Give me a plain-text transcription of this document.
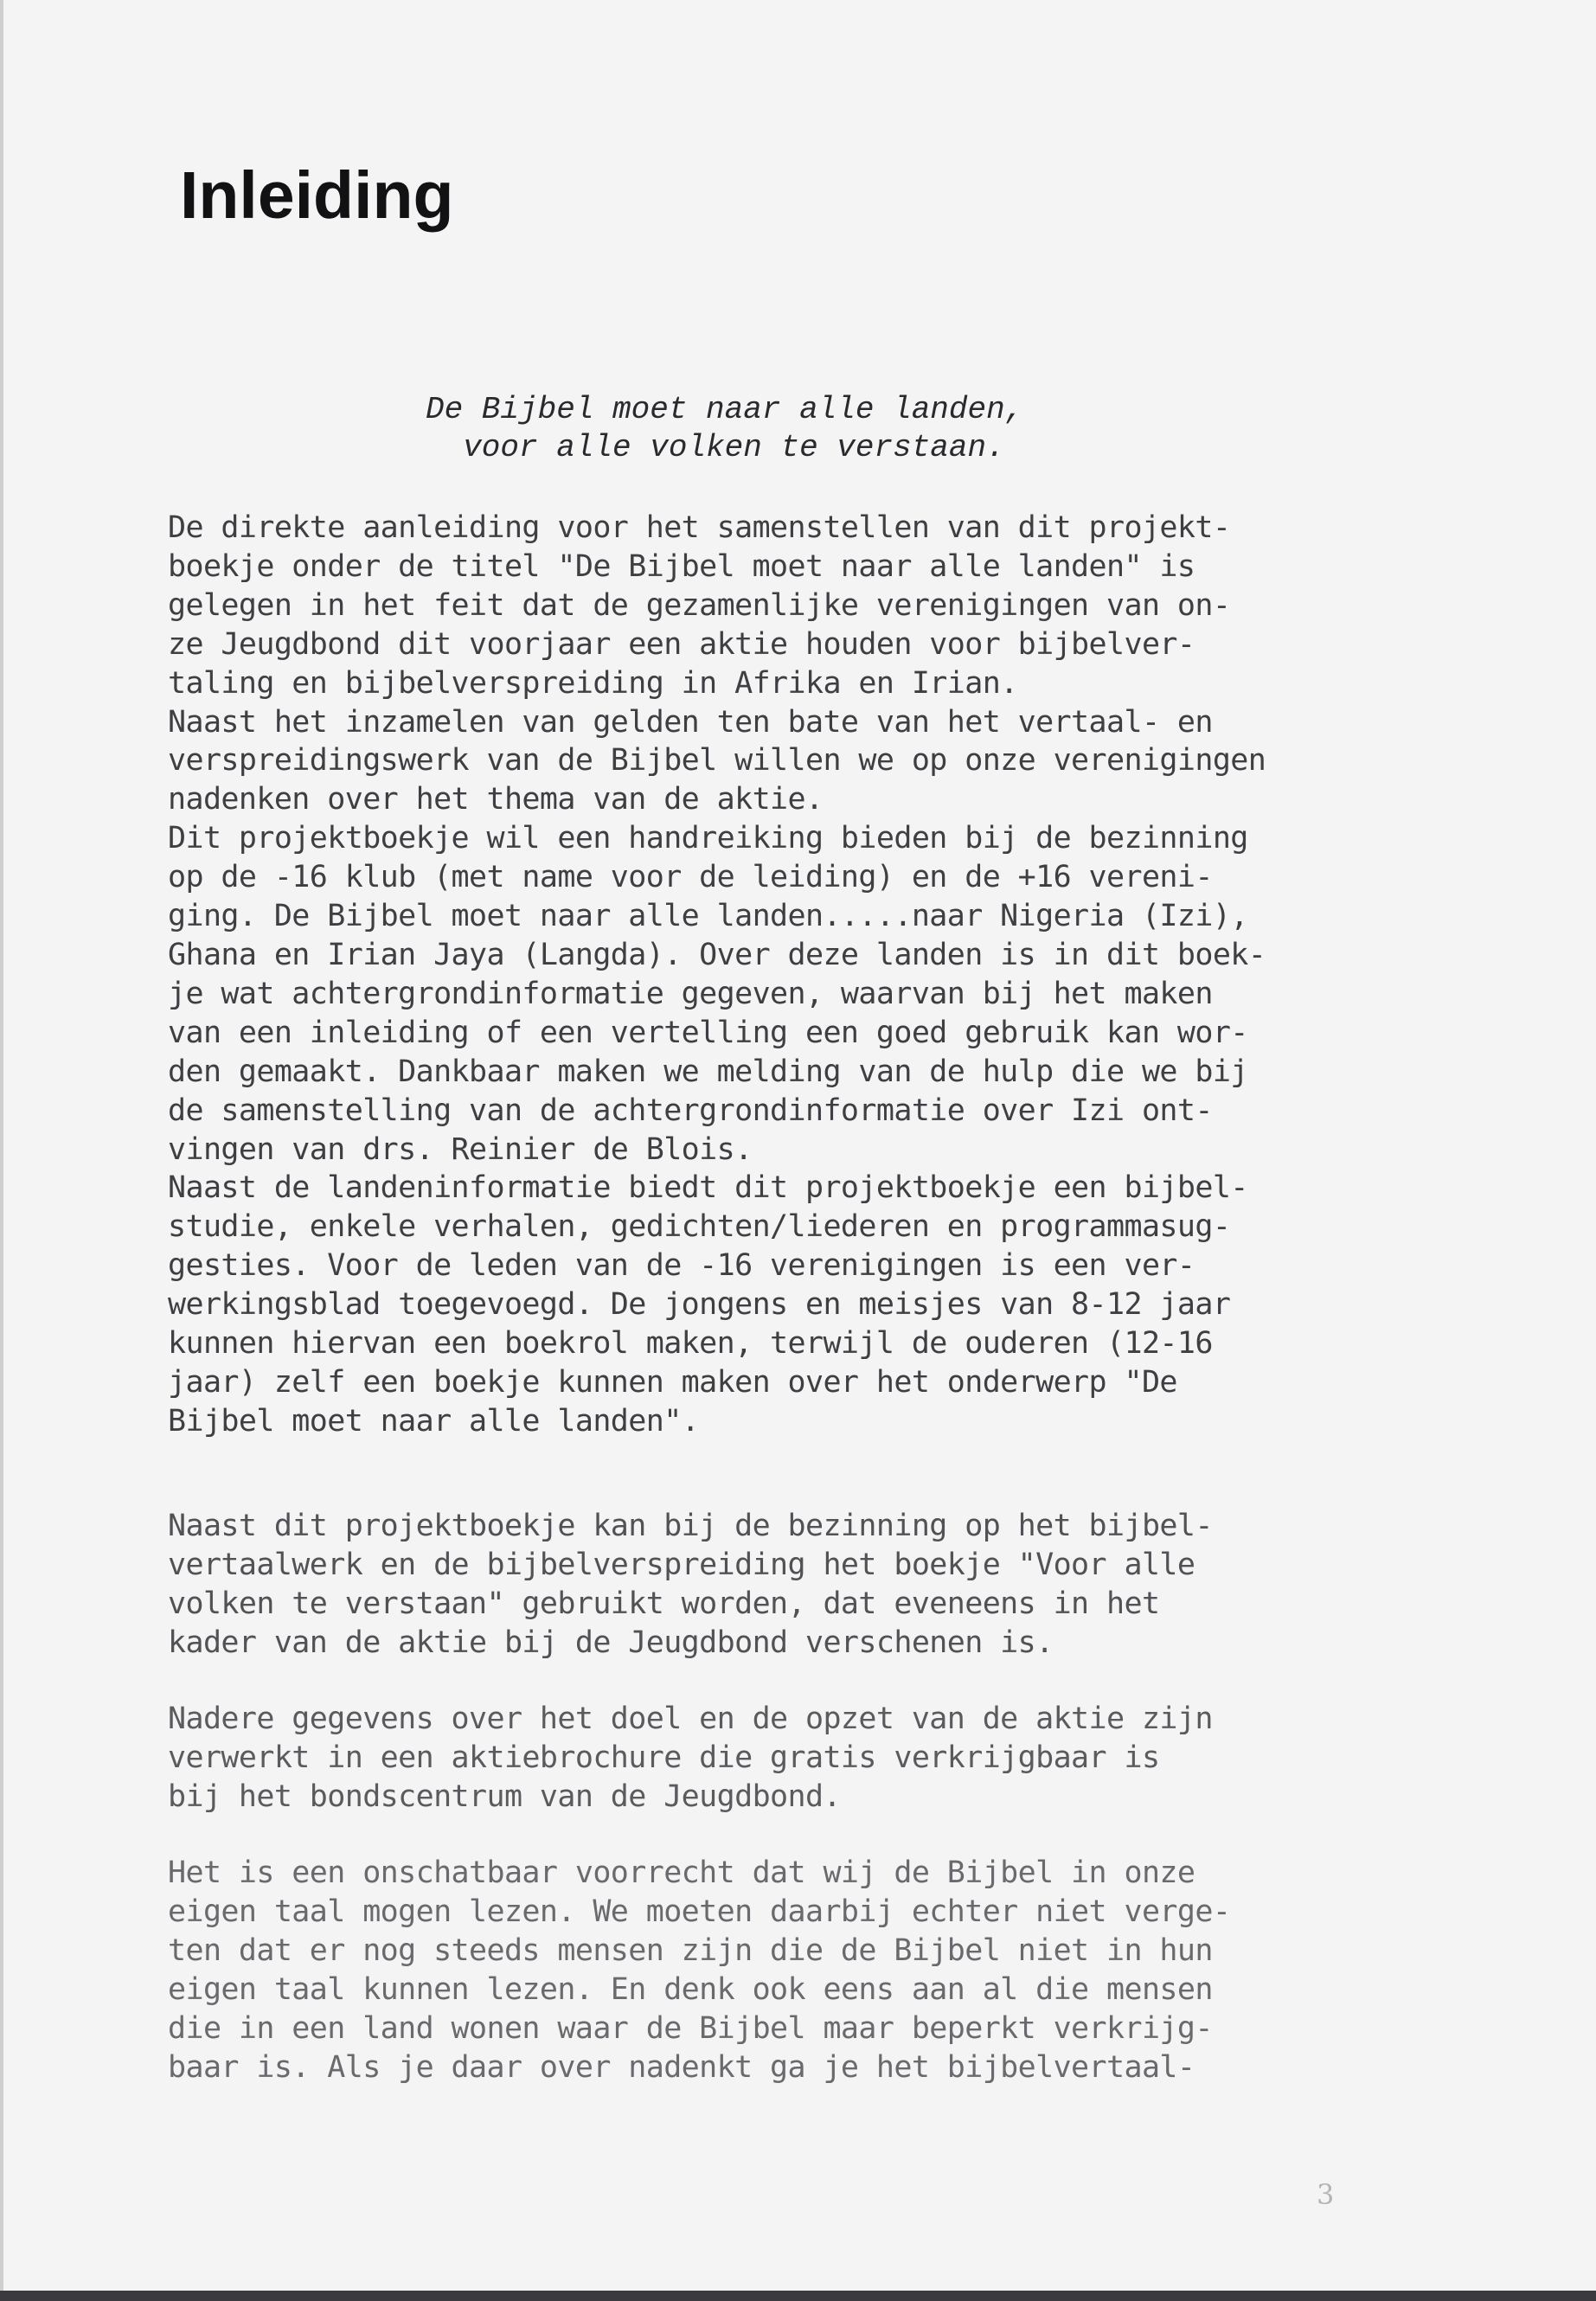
Inleiding

De Bijbel moet naar alle landen,
voor alle volken te verstaan.

De direkte aanleiding voor het samenstellen van dit projekt-
boekje onder de titel "De Bijbel moet naar alle landen" is
gelegen in het feit dat de gezamenlijke verenigingen van on-
ze Jeugdbond dit voorjaar een aktie houden voor bijbelver-
taling en bijbelverspreiding in Afrika en Irian.
Naast het inzamelen van gelden ten bate van het vertaal- en
verspreidingswerk van de Bijbel willen we op onze verenigingen
nadenken over het thema van de aktie.
Dit projektboekje wil een handreiking bieden bij de bezinning
op de -16 klub (met name voor de leiding) en de +16 vereni-
ging. De Bijbel moet naar alle landen.....naar Nigeria (Izi),
Ghana en Irian Jaya (Langda). Over deze landen is in dit boek-
je wat achtergrondinformatie gegeven, waarvan bij het maken
van een inleiding of een vertelling een goed gebruik kan wor-
den gemaakt. Dankbaar maken we melding van de hulp die we bij
de samenstelling van de achtergrondinformatie over Izi ont-
vingen van drs. Reinier de Blois.
Naast de landeninformatie biedt dit projektboekje een bijbel-
studie, enkele verhalen, gedichten/liederen en programmasug-
gesties. Voor de leden van de -16 verenigingen is een ver-
werkingsblad toegevoegd. De jongens en meisjes van 8-12 jaar
kunnen hiervan een boekrol maken, terwijl de ouderen (12-16
jaar) zelf een boekje kunnen maken over het onderwerp "De
Bijbel moet naar alle landen".

Naast dit projektboekje kan bij de bezinning op het bijbel-
vertaalwerk en de bijbelverspreiding het boekje "Voor alle
volken te verstaan" gebruikt worden, dat eveneens in het
kader van de aktie bij de Jeugdbond verschenen is.

Nadere gegevens over het doel en de opzet van de aktie zijn
verwerkt in een aktiebrochure die gratis verkrijgbaar is
bij het bondscentrum van de Jeugdbond.

Het is een onschatbaar voorrecht dat wij de Bijbel in onze
eigen taal mogen lezen. We moeten daarbij echter niet verge-
ten dat er nog steeds mensen zijn die de Bijbel niet in hun
eigen taal kunnen lezen. En denk ook eens aan al die mensen
die in een land wonen waar de Bijbel maar beperkt verkrijg-
baar is. Als je daar over nadenkt ga je het bijbelvertaal-

3
